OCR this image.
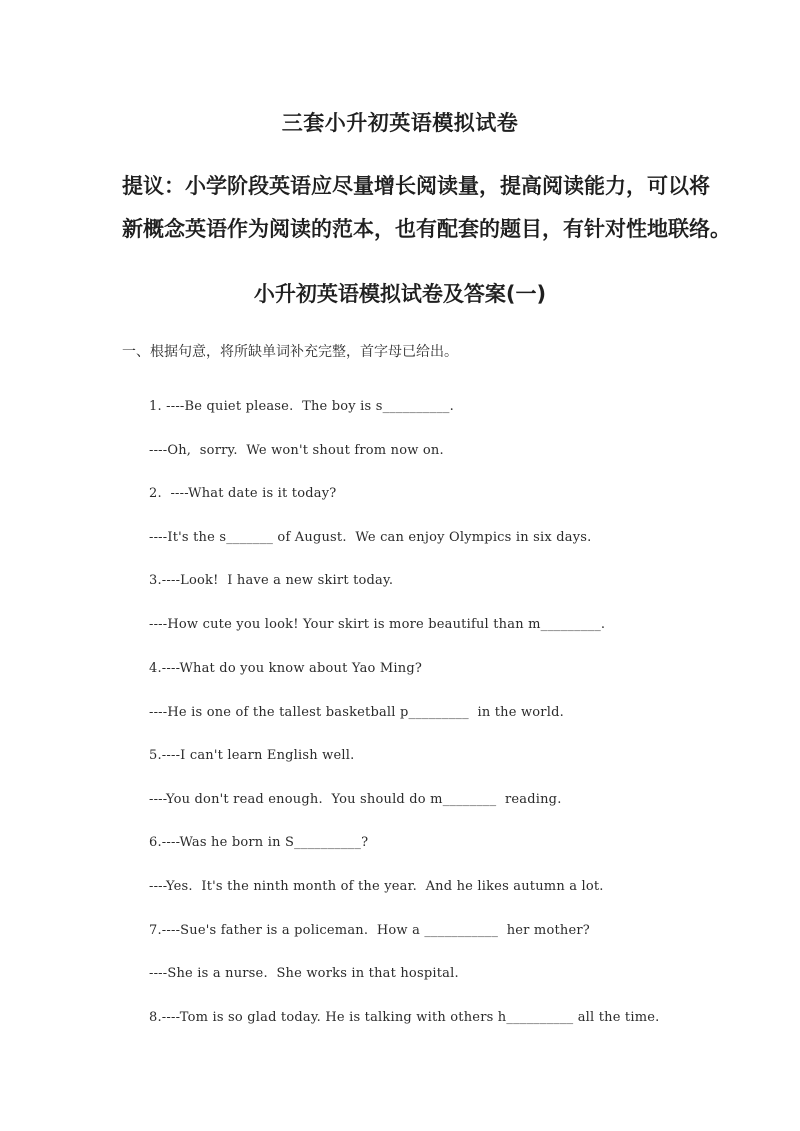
三套小升初英语模拟试卷
提议：小学阶段英语应尽量增长阅读量，提高阅读能力，可以将
新概念英语作为阅读的范本，也有配套的题目，有针对性地联络。
小升初英语模拟试卷及答案(一)
一、根据句意，将所缺单词补充完整，首字母已给出。
1. ----Be quiet please.  The boy is s__________.
----Oh,  sorry.  We won't shout from now on.
2.  ----What date is it today?
----It's the s_______ of August.  We can enjoy Olympics in six days.
3.----Look!  I have a new skirt today.
----How cute you look! Your skirt is more beautiful than m_________.
4.----What do you know about Yao Ming?
----He is one of the tallest basketball p_________  in the world.
5.----I can't learn English well.
----You don't read enough.  You should do m________  reading.
6.----Was he born in S__________?
----Yes.  It's the ninth month of the year.  And he likes autumn a lot.
7.----Sue's father is a policeman.  How a ___________  her mother?
----She is a nurse.  She works in that hospital.
8.----Tom is so glad today. He is talking with others h__________ all the time.
